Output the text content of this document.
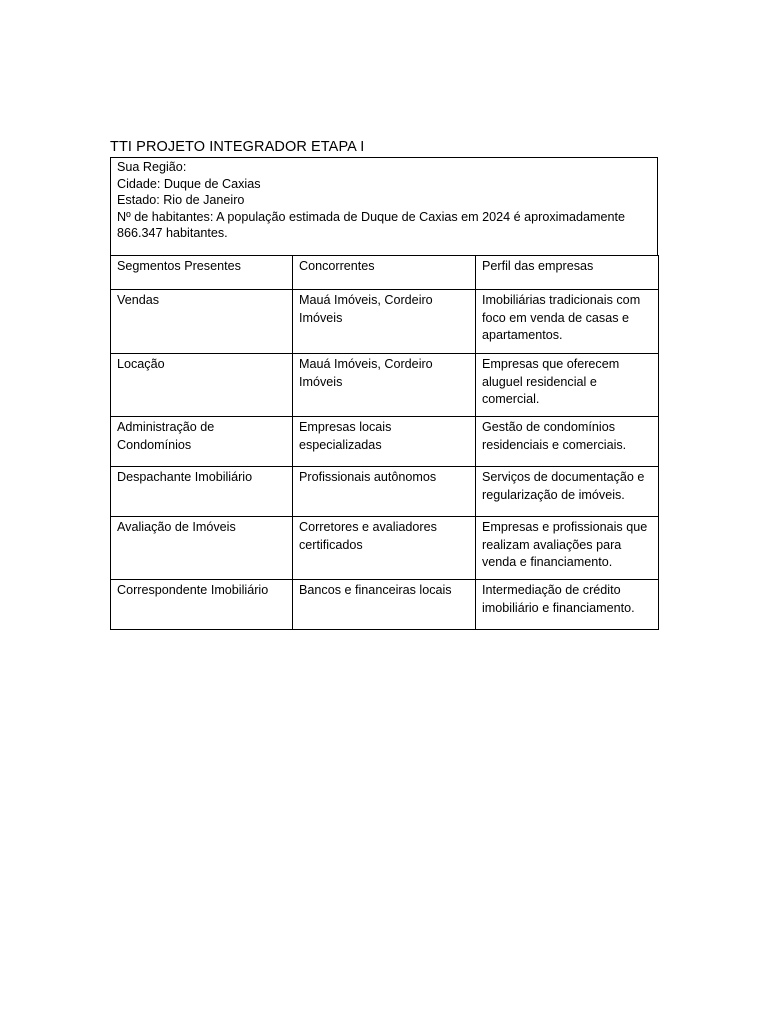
TTI PROJETO INTEGRADOR ETAPA I
Sua Região:
Cidade: Duque de Caxias
Estado: Rio de Janeiro
Nº de habitantes: A população estimada de Duque de Caxias em 2024 é aproximadamente 866.347 habitantes.
Segmentos Presentes	Concorrentes	Perfil das empresas
Vendas	Mauá Imóveis, Cordeiro Imóveis	Imobiliárias tradicionais com foco em venda de casas e apartamentos.
Locação	Mauá Imóveis, Cordeiro Imóveis	Empresas que oferecem aluguel residencial e comercial.
Administração de Condomínios	Empresas locais especializadas	Gestão de condomínios residenciais e comerciais.
Despachante Imobiliário	Profissionais autônomos	Serviços de documentação e regularização de imóveis.
Avaliação de Imóveis	Corretores e avaliadores certificados	Empresas e profissionais que realizam avaliações para venda e financiamento.
Correspondente Imobiliário	Bancos e financeiras locais	Intermediação de crédito imobiliário e financiamento.
